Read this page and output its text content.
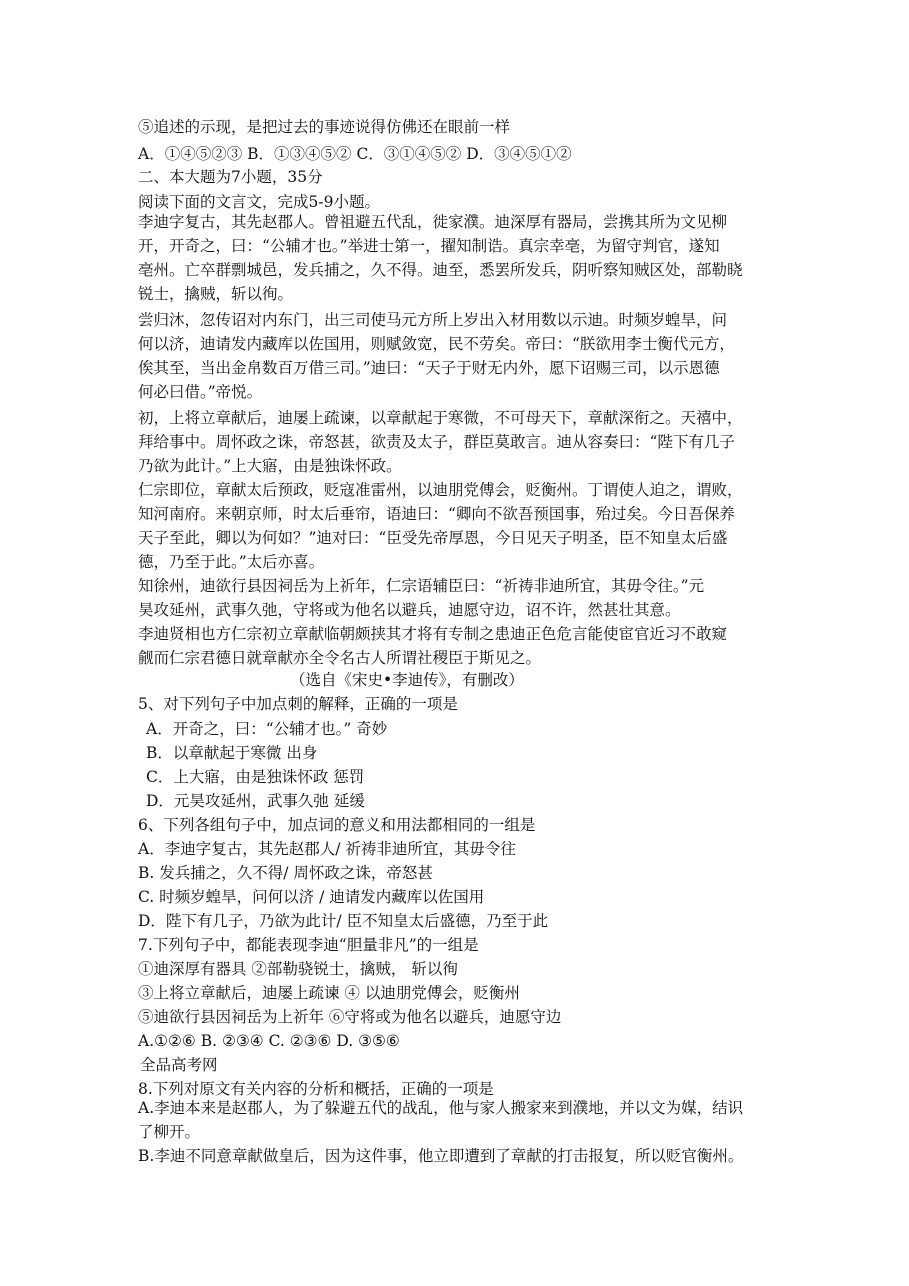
⑤追述的示现，是把过去的事迹说得仿佛还在眼前一样
A．①④⑤②③ B．①③④⑤② C．③①④⑤② D．③④⑤①②
二、本大题为7小题，35分
阅读下面的文言文，完成5-9小题。
李迪字复古，其先赵郡人。曾祖避五代乱，徙家濮。迪深厚有器局，尝携其所为文见柳
开，开奇之，曰：“公辅才也。”举进士第一，擢知制诰。真宗幸亳，为留守判官，遂知
亳州。亡卒群剽城邑，发兵捕之，久不得。迪至，悉罢所发兵，阴听察知贼区处，部勒晓
锐士，擒贼，斩以徇。
尝归沐，忽传诏对内东门，出三司使马元方所上岁出入材用数以示迪。时频岁蝗旱，问
何以济，迪请发内藏库以佐国用，则赋敛宽，民不劳矣。帝曰：“朕欲用李士衡代元方，
俟其至，当出金帛数百万借三司。”迪曰：“天子于财无内外，愿下诏赐三司，以示恩德
何必曰借。”帝悦。
初，上将立章献后，迪屡上疏谏，以章献起于寒微，不可母天下，章献深衔之。天禧中，
拜给事中。周怀政之诛，帝怒甚，欲责及太子，群臣莫敢言。迪从容奏曰：“陛下有几子
乃欲为此计。”上大寤，由是独诛怀政。
仁宗即位，章献太后预政，贬寇准雷州，以迪朋党傅会，贬衡州。丁谓使人迫之，谓败，
知河南府。来朝京师，时太后垂帘，语迪曰：“卿向不欲吾预国事，殆过矣。今日吾保养
天子至此，卿以为何如？”迪对曰：“臣受先帝厚恩，今日见天子明圣，臣不知皇太后盛
德，乃至于此。”太后亦喜。
知徐州，迪欲行县因祠岳为上祈年，仁宗语辅臣曰：“祈祷非迪所宜，其毋令往。”元
昊攻延州，武事久弛，守将或为他名以避兵，迪愿守边，诏不许，然甚壮其意。
李迪贤相也方仁宗初立章献临朝颇挟其才将有专制之患迪正色危言能使宦官近习不敢窥
觎而仁宗君德日就章献亦全令名古人所谓社稷臣于斯见之。
（选自《宋史•李迪传》，有删改）
5、对下列句子中加点刺的解释，正确的一项是
A．开奇之，曰：“公辅才也。” 奇妙
B．以章献起于寒微 出身
C．上大寤，由是独诛怀政 惩罚
D．元昊攻延州，武事久弛 延缓
6、下列各组句子中，加点词的意义和用法都相同的一组是
A．李迪字复古，其先赵郡人/ 祈祷非迪所宜，其毋令往
B. 发兵捕之，久不得/ 周怀政之诛，帝怒甚
C. 时频岁蝗旱，问何以济 / 迪请发内藏库以佐国用
D．陛下有几子，乃欲为此计/ 臣不知皇太后盛德，乃至于此
7.下列句子中，都能表现李迪“胆量非凡”的一组是
①迪深厚有器具 ②部勒骁锐士，擒贼， 斩以徇
③上将立章献后，迪屡上疏谏 ④ 以迪朋党傅会，贬衡州
⑤迪欲行县因祠岳为上祈年 ⑥守将或为他名以避兵，迪愿守边
A.①②⑥ B. ②③④ C. ②③⑥ D. ③⑤⑥
全品高考网
8.下列对原文有关内容的分析和概括，正确的一项是
A.李迪本来是赵郡人，为了躲避五代的战乱，他与家人搬家来到濮地，并以文为媒，结识
了柳开。
B.李迪不同意章献做皇后，因为这件事，他立即遭到了章献的打击报复，所以贬官衡州。
